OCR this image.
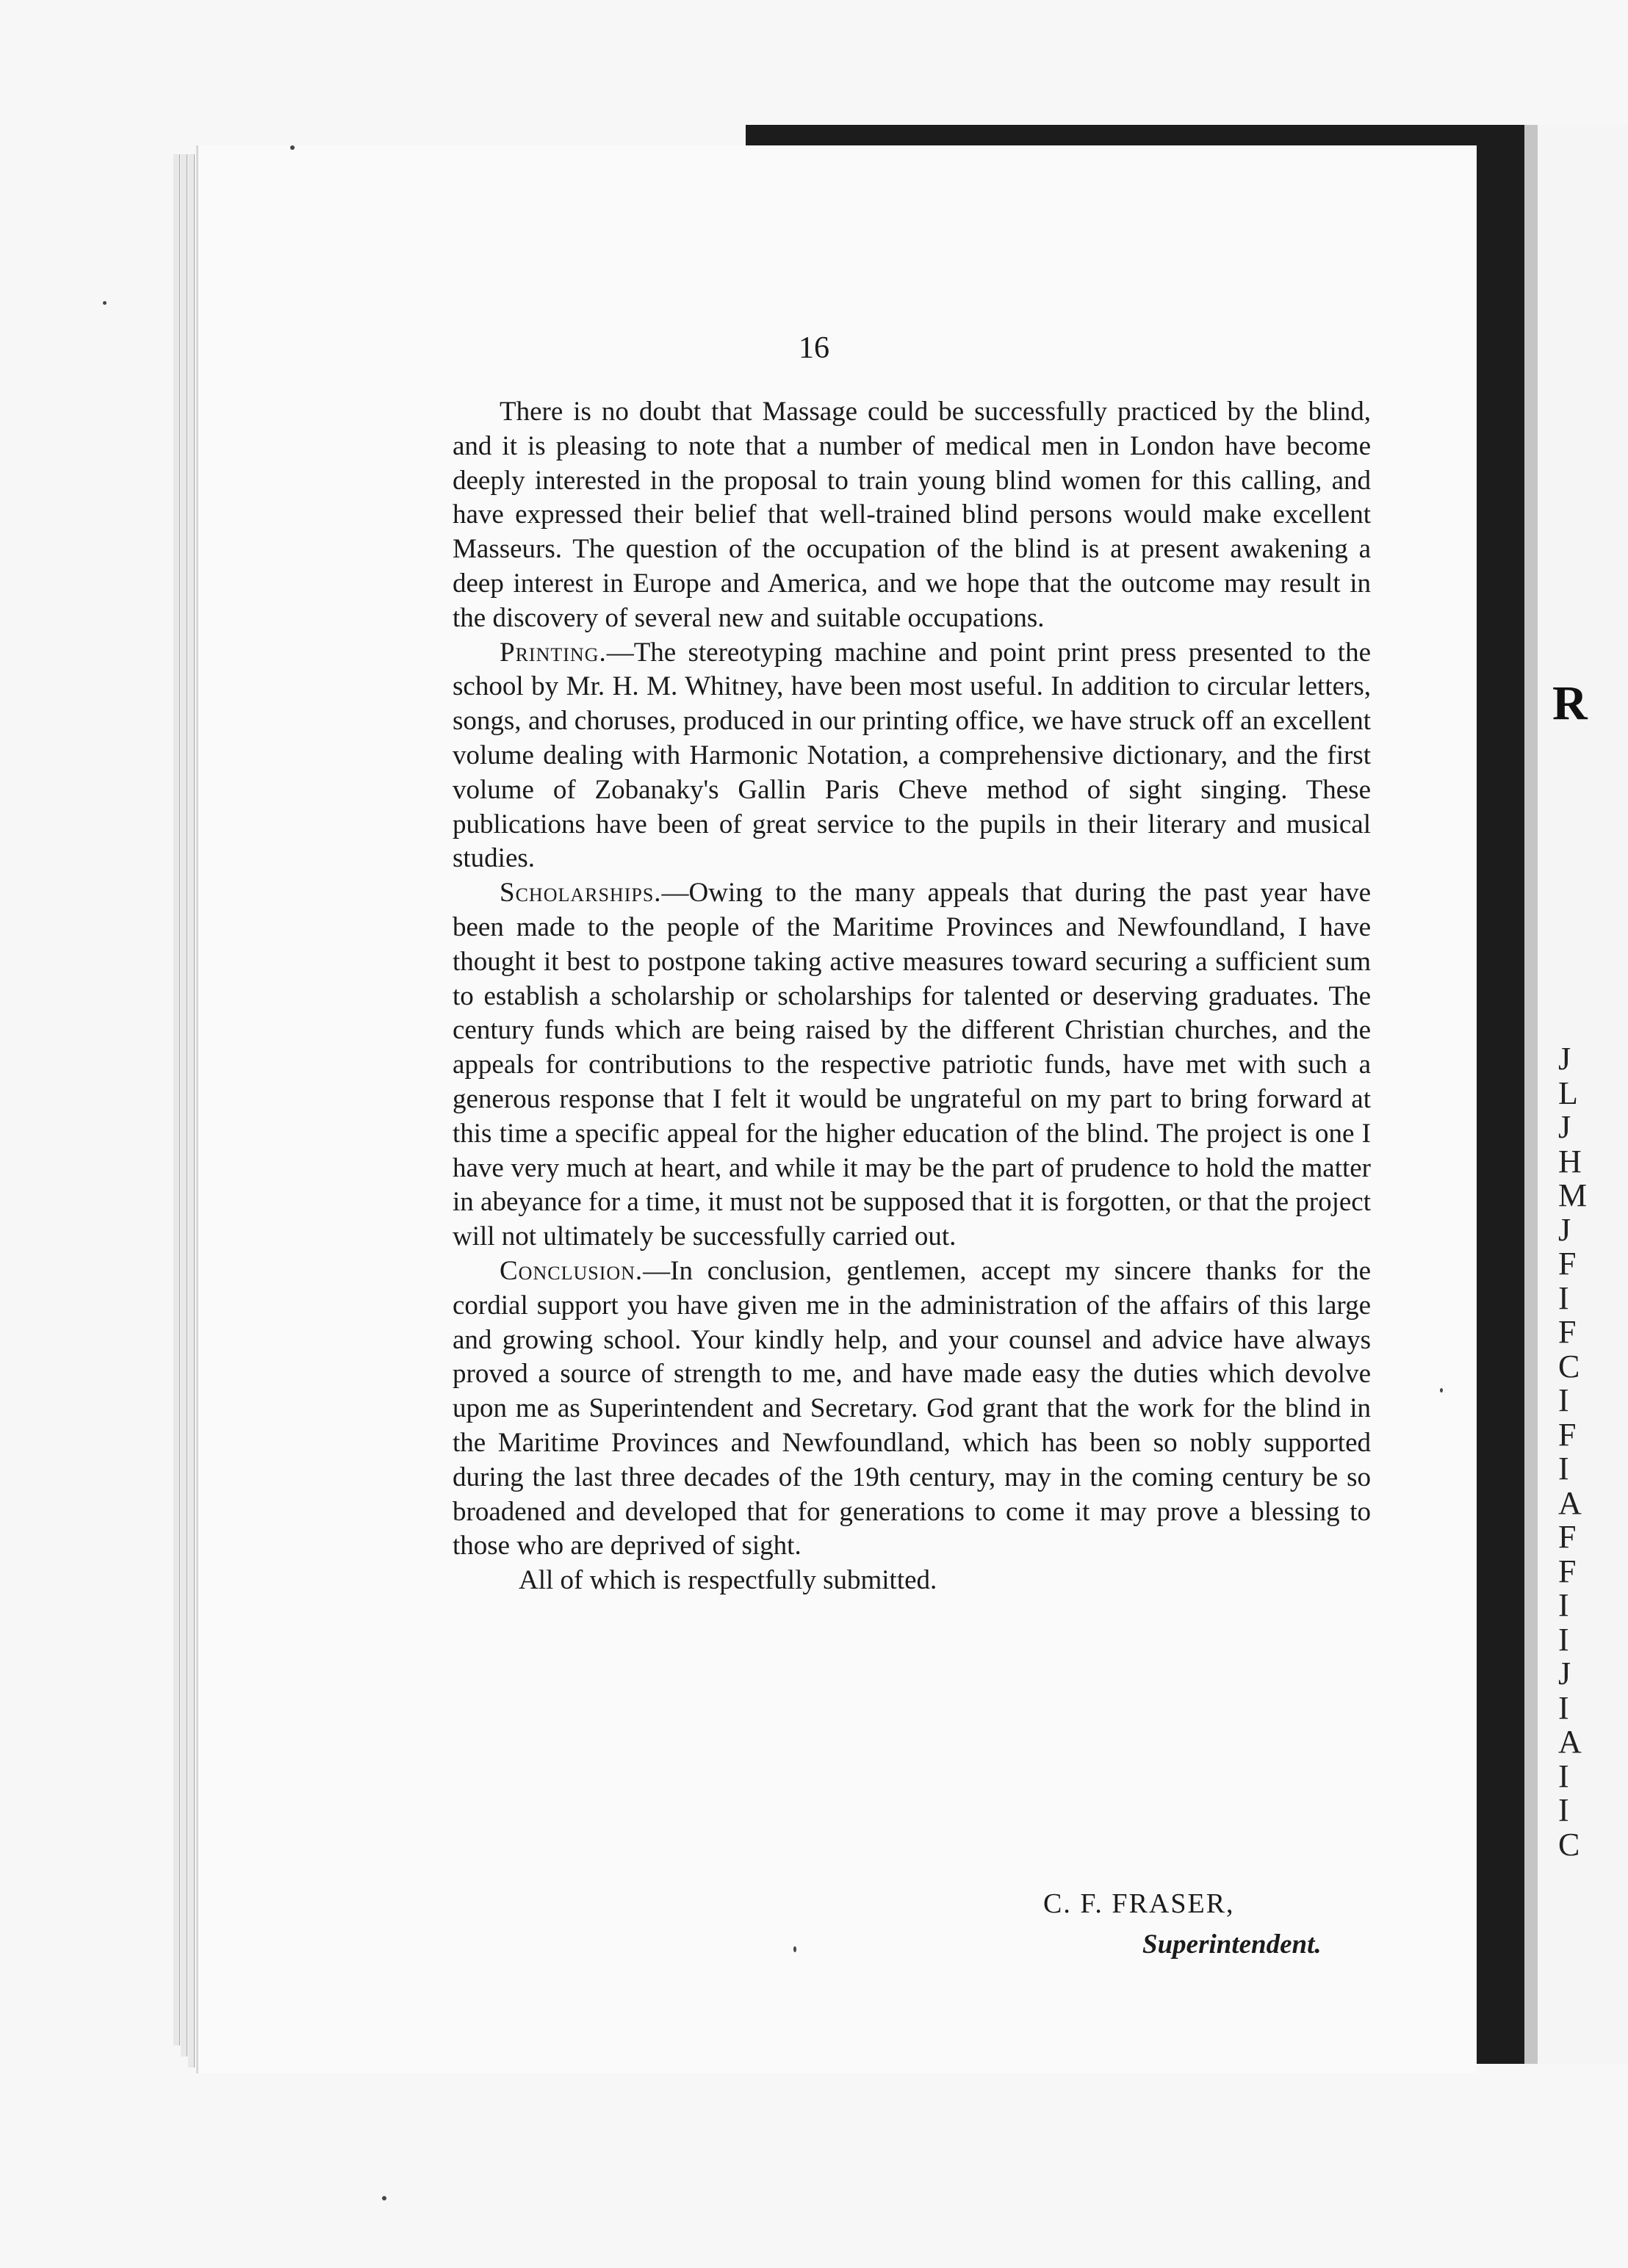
R
J
L
J
H
M
J
F
I
F
C
I
F
I
A
F
F
I
I
J
I
A
I
I
C
16

There is no doubt that Massage could be successfully practiced by the blind, and it is pleasing to note that a number of medical men in London have become deeply interested in the proposal to train young blind women for this calling, and have expressed their belief that well-trained blind persons would make excellent Masseurs. The question of the occupation of the blind is at present awakening a deep interest in Europe and America, and we hope that the outcome may result in the discovery of several new and suitable occupations.

Printing.—The stereotyping machine and point print press presented to the school by Mr. H. M. Whitney, have been most useful. In addition to circular letters, songs, and choruses, produced in our printing office, we have struck off an excellent volume dealing with Harmonic Notation, a comprehensive dictionary, and the first volume of Zobanaky's Gallin Paris Cheve method of sight singing. These publications have been of great service to the pupils in their literary and musical studies.

Scholarships.—Owing to the many appeals that during the past year have been made to the people of the Maritime Provinces and Newfoundland, I have thought it best to postpone taking active measures toward securing a sufficient sum to establish a scholarship or scholarships for talented or deserving graduates. The century funds which are being raised by the different Christian churches, and the appeals for contributions to the respective patriotic funds, have met with such a generous response that I felt it would be ungrateful on my part to bring forward at this time a specific appeal for the higher education of the blind. The project is one I have very much at heart, and while it may be the part of prudence to hold the matter in abeyance for a time, it must not be supposed that it is forgotten, or that the project will not ultimately be successfully carried out.

Conclusion.—In conclusion, gentlemen, accept my sincere thanks for the cordial support you have given me in the administration of the affairs of this large and growing school. Your kindly help, and your counsel and advice have always proved a source of strength to me, and have made easy the duties which devolve upon me as Superintendent and Secretary. God grant that the work for the blind in the Maritime Provinces and Newfoundland, which has been so nobly supported during the last three decades of the 19th century, may in the coming century be so broadened and developed that for generations to come it may prove a blessing to those who are deprived of sight.

All of which is respectfully submitted.

C. F. FRASER,
Superintendent.
